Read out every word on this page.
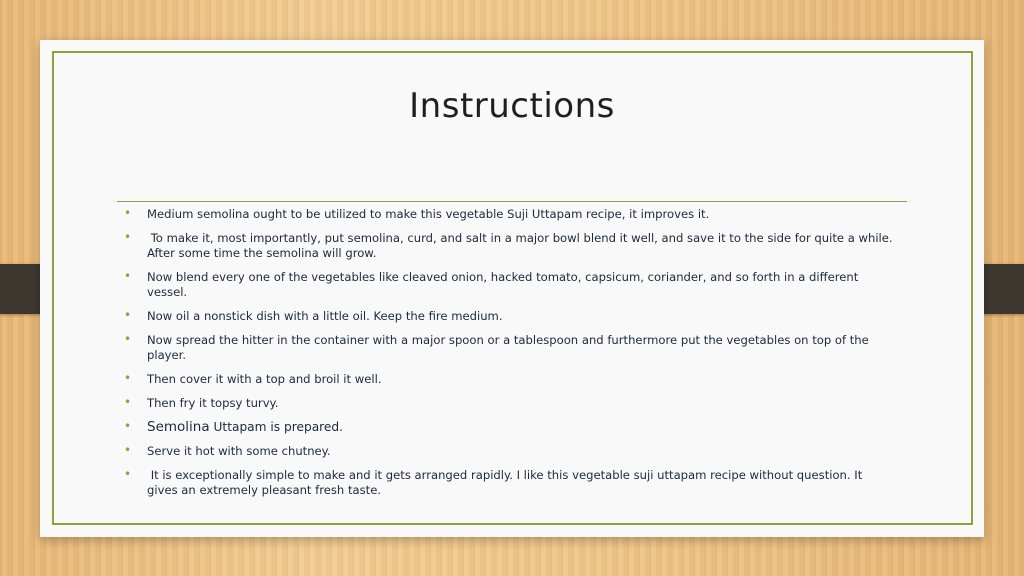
Instructions
• Medium semolina ought to be utilized to make this vegetable Suji Uttapam recipe, it improves it.
• To make it, most importantly, put semolina, curd, and salt in a major bowl blend it well, and save it to the side for quite a while. After some time the semolina will grow.
• Now blend every one of the vegetables like cleaved onion, hacked tomato, capsicum, coriander, and so forth in a different vessel.
• Now oil a nonstick dish with a little oil. Keep the fire medium.
• Now spread the hitter in the container with a major spoon or a tablespoon and furthermore put the vegetables on top of the player.
• Then cover it with a top and broil it well.
• Then fry it topsy turvy.
• Semolina Uttapam is prepared.
• Serve it hot with some chutney.
• It is exceptionally simple to make and it gets arranged rapidly. I like this vegetable suji uttapam recipe without question. It gives an extremely pleasant fresh taste.
